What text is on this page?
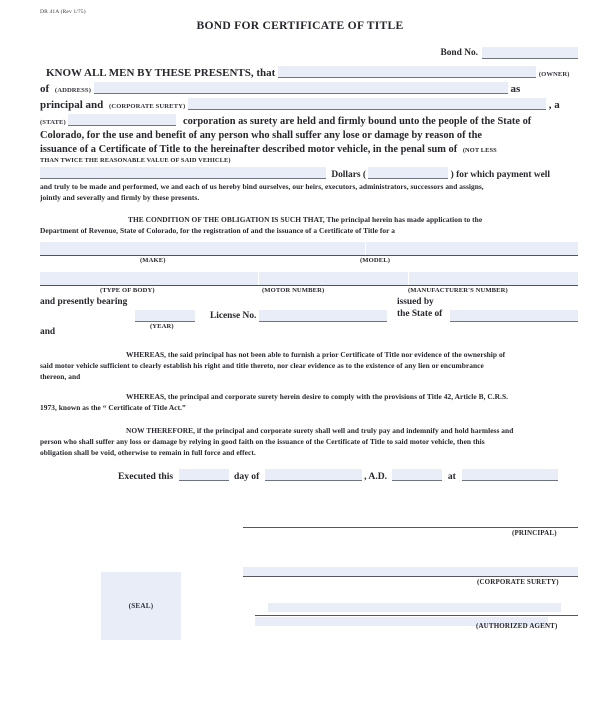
DR 41A (Rev 1/75)
BOND FOR CERTIFICATE OF TITLE
Bond No.
KNOW ALL MEN BY THESE PRESENTS, that	(OWNER)
of (ADDRESS)	as
principal and (CORPORATE SURETY)	, a
(STATE)	corporation as surety are held and firmly bound unto the people of the State of
Colorado, for the use and benefit of any person who shall suffer any lose or damage by reason of the
issuance of a Certificate of Title to the hereinafter described motor vehicle, in the penal sum of (NOT LESS
THAN TWICE THE REASONABLE VALUE OF SAID VEHICLE)
Dollars (	) for which payment well
and truly to be made and performed, we and each of us hereby bind ourselves, our heirs, executors, administrators, successors and assigns,
jointly and severally and firmly by these presents.
THE CONDITION OF THE OBLIGATION IS SUCH THAT, The principal herein has made application to the
Department of Revenue, State of Colorado, for the registration of and the issuance of a Certificate of Title for a
(MAKE)	(MODEL)
(TYPE OF BODY)	(MOTOR NUMBER)	(MANUFACTURER'S NUMBER)
and presently bearing
(YEAR)
License No.
issued by
the State of
and
WHEREAS, the said principal has not been able to furnish a prior Certificate of Title nor evidence of the ownership of
said motor vehicle sufficient to clearly establish his right and title thereto, nor clear evidence as to the existence of any lien or encumbrance
thereon, and
WHEREAS, the principal and corporate surety herein desire to comply with the provisions of Title 42, Article B, C.R.S.
1973, known as the “ Certificate of Title Act.”
NOW THEREFORE, if the principal and corporate surety shall well and truly pay and indemnify and hold harmless and
person who shall suffer any loss or damage by relying in good faith on the issuance of the Certificate of Title to said motor vehicle, then this
obligation shall be void, otherwise to remain in full force and effect.
Executed this	day of	, A.D.	at
(PRINCIPAL)
(CORPORATE SURETY)
(AUTHORIZED AGENT)
(SEAL)
